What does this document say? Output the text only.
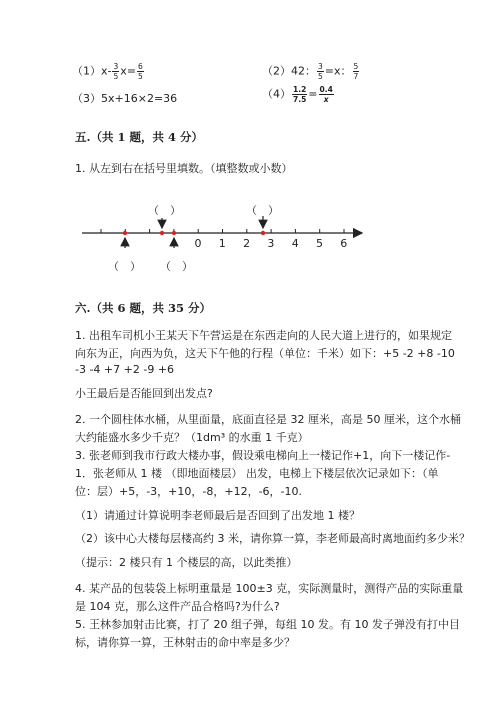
$(1)x- \frac{3}{5} x= \frac{6}{5}$	（2）42： $\frac{3}{5} =x$： $\frac{5}{7}$
（3）5x+16×2=36	$(4) \frac{1.2}{7.5} = \frac{0.4}{x}$
五.（共 1 题，共 4 分）
1. 从左到右在括号里填数。（填整数或小数）
0 1 2 3 4 5 6
（　）	（　）
（　） （　）
六.（共 6 题，共 35 分）
1. 出租车司机小王某天下午营运是在东西走向的人民大道上进行的，如果规定
向东为正，向西为负，这天下午他的行程（单位：千米）如下：+5 -2 +8 -10
-3 -4 +7 +2 -9 +6
小王最后是否能回到出发点?
2. 一个圆柱体水桶，从里面量，底面直径是 32 厘米，高是 50 厘米，这个水桶
大约能盛水多少千克？（1dm³ 的水重 1 千克）
3. 张老师到我市行政大楼办事，假设乘电梯向上一楼记作+1，向下一楼记作-
1．张老师从 1 楼 （即地面楼层） 出发，电梯上下楼层依次记录如下：（单
位：层）+5，-3，+10，-8，+12，-6，-10.
（1）请通过计算说明李老师最后是否回到了出发地 1 楼？
（2）该中心大楼每层楼高约 3 米，请你算一算，李老师最高时离地面约多少米？
（提示：2 楼只有 1 个楼层的高，以此类推）
4. 某产品的包装袋上标明重量是 100±3 克，实际测量时，测得产品的实际重量
是 104 克，那么这件产品合格吗?为什么?
5. 王林参加射击比赛，打了 20 组子弹，每组 10 发。有 10 发子弹没有打中目
标，请你算一算，王林射击的命中率是多少？
